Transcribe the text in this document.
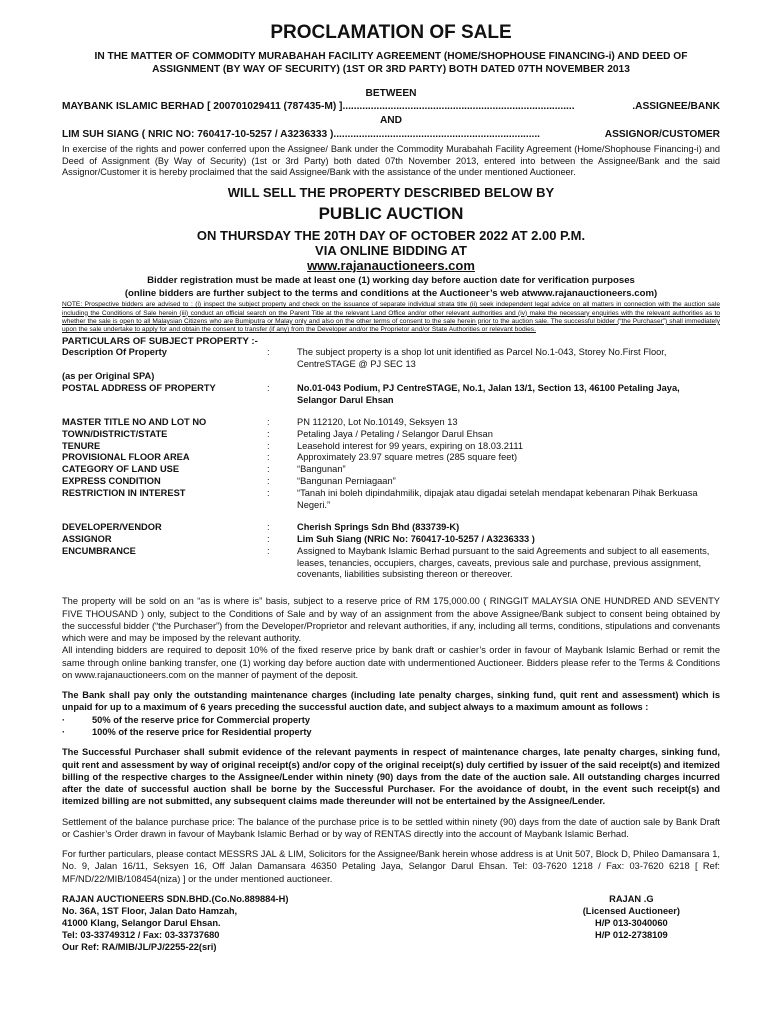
PROCLAMATION OF SALE
IN THE MATTER OF COMMODITY MURABAHAH FACILITY AGREEMENT (HOME/SHOPHOUSE FINANCING-i) AND DEED OF ASSIGNMENT (BY WAY OF SECURITY) (1ST OR 3RD PARTY) BOTH DATED 07TH NOVEMBER 2013
BETWEEN
MAYBANK ISLAMIC BERHAD [ 200701029411 (787435-M) ]..................................................................................	.ASSIGNEE/BANK
AND
LIM SUH SIANG ( NRIC NO: 760417-10-5257 / A3236333 ).........................................................................	ASSIGNOR/CUSTOMER

In exercise of the rights and power conferred upon the Assignee/ Bank under the Commodity Murabahah Facility Agreement (Home/Shophouse Financing-i) and Deed of Assignment (By Way of Security) (1st or 3rd Party) both dated 07th November 2013, entered into between the Assignee/Bank and the said Assignor/Customer it is hereby proclaimed that the said Assignee/Bank with the assistance of the under mentioned Auctioneer.

WILL SELL THE PROPERTY DESCRIBED BELOW BY
PUBLIC AUCTION
ON THURSDAY THE 20TH DAY OF OCTOBER 2022 AT 2.00 P.M.
VIA ONLINE BIDDING AT
www.rajanauctioneers.com
Bidder registration must be made at least one (1) working day before auction date for verification purposes
(online bidders are further subject to the terms and conditions at the Auctioneer’s web atwww.rajanauctioneers.com)

NOTE: Prospective bidders are advised to : (i) inspect the subject property and check on the issuance of separate individual strata title (ii) seek independent legal advice on all matters in connection with the auction sale including the Conditions of Sale herein (iii) conduct an official search on the Parent Title at the relevant Land Office and/or other relevant authorities and (iv) make the necessary enquiries with the relevant authorities as to whether the sale is open to all Malaysian Citizens who are Bumiputra or Malay only and also on the other terms of consent to the sale herein prior to the auction sale. The successful bidder (“the Purchaser”) shall immediately upon the sale undertake to apply for and obtain the consent to transfer (if any) from the Developer and/or the Proprietor and/or State Authorities or relevant bodies.

PARTICULARS OF SUBJECT PROPERTY :-
Description Of Property	:	The subject property is a shop lot unit identified as Parcel No.1-043, Storey No.First Floor, CentreSTAGE @ PJ SEC 13
(as per Original SPA)		
POSTAL ADDRESS OF PROPERTY	:	No.01-043 Podium, PJ CentreSTAGE, No.1, Jalan 13/1, Section 13, 46100 Petaling Jaya, Selangor Darul Ehsan
MASTER TITLE NO AND LOT NO	:	PN 112120, Lot No.10149, Seksyen 13
TOWN/DISTRICT/STATE	:	Petaling Jaya / Petaling / Selangor Darul Ehsan
TENURE	:	Leasehold interest for 99 years, expiring on 18.03.2111
PROVISIONAL FLOOR AREA	:	Approximately 23.97 square metres (285 square feet)
CATEGORY OF LAND USE	:	“Bangunan”
EXPRESS CONDITION	:	“Bangunan Perniagaan”
RESTRICTION IN INTEREST	:	“Tanah ini boleh dipindahmilik, dipajak atau digadai setelah mendapat kebenaran Pihak Berkuasa Negeri.”
DEVELOPER/VENDOR	:	Cherish Springs Sdn Bhd (833739-K)
ASSIGNOR	:	Lim Suh Siang (NRIC No: 760417-10-5257 / A3236333 )
ENCUMBRANCE	:	Assigned to Maybank Islamic Berhad pursuant to the said Agreements and subject to all easements, leases, tenancies, occupiers, charges, caveats, previous sale and purchase, previous assignment, covenants, liabilities subsisting thereon or thereover.

The property will be sold on an “as is where is” basis, subject to a reserve price of RM 175,000.00 ( RINGGIT MALAYSIA ONE HUNDRED AND SEVENTY FIVE THOUSAND ) only, subject to the Conditions of Sale and by way of an assignment from the above Assignee/Bank subject to consent being obtained by the successful bidder (“the Purchaser”) from the Developer/Proprietor and relevant authorities, if any, including all terms, conditions, stipulations and convenants which were and may be imposed by the relevant authority.

All intending bidders are required to deposit 10% of the fixed reserve price by bank draft or cashier’s order in favour of Maybank Islamic Berhad or remit the same through online banking transfer, one (1) working day before auction date with undermentioned Auctioneer. Bidders please refer to the Terms & Conditions on www.rajanauctioneers.com on the manner of payment of the deposit.

The Bank shall pay only the outstanding maintenance charges (including late penalty charges, sinking fund, quit rent and assessment) which is unpaid for up to a maximum of 6 years preceding the successful auction date, and subject always to a maximum amount as follows :

·	50% of the reserve price for Commercial property
·	100% of the reserve price for Residential property

The Successful Purchaser shall submit evidence of the relevant payments in respect of maintenance charges, late penalty charges, sinking fund, quit rent and assessment by way of original receipt(s) and/or copy of the original receipt(s) duly certified by issuer of the said receipt(s) and itemized billing of the respective charges to the Assignee/Lender within ninety (90) days from the date of the auction sale. All outstanding charges incurred after the date of successful auction shall be borne by the Successful Purchaser. For the avoidance of doubt, in the event such receipt(s) and itemized billing are not submitted, any subsequent claims made thereunder will not be entertained by the Assignee/Lender.

Settlement of the balance purchase price: The balance of the purchase price is to be settled within ninety (90) days from the date of auction sale by Bank Draft or Cashier’s Order drawn in favour of Maybank Islamic Berhad or by way of RENTAS directly into the account of Maybank Islamic Berhad.

For further particulars, please contact MESSRS JAL & LIM, Solicitors for the Assignee/Bank herein whose address is at Unit 507, Block D, Phileo Damansara 1, No. 9, Jalan 16/11, Seksyen 16, Off Jalan Damansara 46350 Petaling Jaya, Selangor Darul Ehsan. Tel: 03-7620 1218 / Fax: 03-7620 6218 [ Ref: MF/ND/22/MIB/108454(niza) ] or the under mentioned auctioneer.

RAJAN AUCTIONEERS SDN.BHD.(Co.No.889884-H)
No. 36A, 1ST Floor, Jalan Dato Hamzah,
41000 Klang, Selangor Darul Ehsan.
Tel: 03-33749312 / Fax: 03-33737680
Our Ref: RA/MIB/JL/PJ/2255-22(sri)
RAJAN .G
(Licensed Auctioneer)
H/P 013-3040060
H/P 012-2738109
